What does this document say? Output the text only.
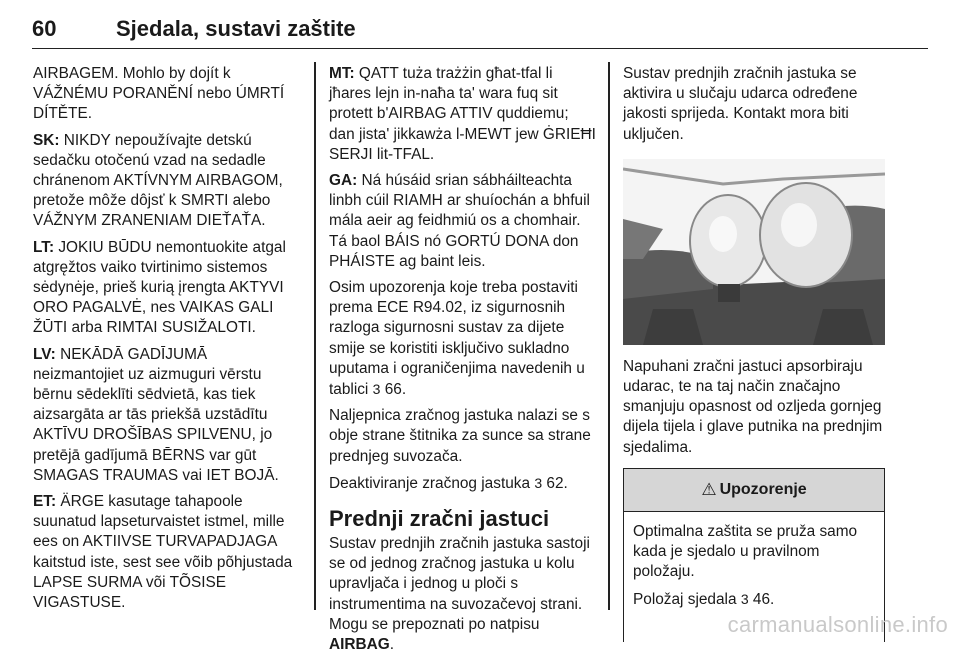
60	Sjedala, sustavi zaštite

AIRBAGEM. Mohlo by dojít k VÁŽNÉMU PORANĚNÍ nebo ÚMRTÍ DÍTĚTE.

SK: NIKDY nepoužívajte detskú sedačku otočenú vzad na sedadle chránenom AKTÍVNYM AIRBAGOM, pretože môže dôjsť k SMRTI alebo VÁŽNYM ZRANENIAM DIEŤAŤA.

LT: JOKIU BŪDU nemontuokite atgal atgręžtos vaiko tvirtinimo sistemos sėdynėje, prieš kurią įrengta AKTYVI ORO PAGALVĖ, nes VAIKAS GALI ŽŪTI arba RIMTAI SUSIŽALOTI.

LV: NEKĀDĀ GADĪJUMĀ neizmantojiet uz aizmuguri vērstu bērnu sēdeklīti sēdvietā, kas tiek aizsargāta ar tās priekšā uzstādītu AKTĪVU DROŠĪBAS SPILVENU, jo pretējā gadījumā BĒRNS var gūt SMAGAS TRAUMAS vai IET BOJĀ.

ET: ÄRGE kasutage tahapoole suunatud lapseturvaistet istmel, mille ees on AKTIIVSE TURVAPADJAGA kaitstud iste, sest see võib põhjustada LAPSE SURMA või TÕSISE VIGASTUSE.

MT: QATT tuża trażżin għat-tfal li jħares lejn in-naħa ta' wara fuq sit protett b'AIRBAG ATTIV quddiemu; dan jista' jikkawża l-MEWT jew ĠRIEĦI SERJI lit-TFAL.

GA: Ná húsáid srian sábháilteachta linbh cúil RIAMH ar shuíochán a bhfuil mála aeir ag feidhmiú os a chomhair. Tá baol BÁIS nó GORTÚ DONA don PHÁISTE ag baint leis.

Osim upozorenja koje treba postaviti prema ECE R94.02, iz sigurnosnih razloga sigurnosni sustav za dijete smije se koristiti isključivo sukladno uputama i ograničenjima navedenih u tablici 3 66.

Naljepnica zračnog jastuka nalazi se s obje strane štitnika za sunce sa strane prednjeg suvozača.

Deaktiviranje zračnog jastuka 3 62.

Prednji zračni jastuci

Sustav prednjih zračnih jastuka sastoji se od jednog zračnog jastuka u kolu upravljača i jednog u ploči s instrumentima na suvozačevoj strani. Mogu se prepoznati po natpisu
AIRBAG.

Sustav prednjih zračnih jastuka se aktivira u slučaju udarca određene jakosti sprijeda. Kontakt mora biti uključen.

Napuhani zračni jastuci apsorbiraju udarac, te na taj način značajno smanjuju opasnost od ozljeda gornjeg dijela tijela i glave putnika na prednjim sjedalima.

⚠ Upozorenje

Optimalna zaštita se pruža samo kada je sjedalo u pravilnom položaju.

Položaj sjedala 3 46.

carmanualsonline.info
